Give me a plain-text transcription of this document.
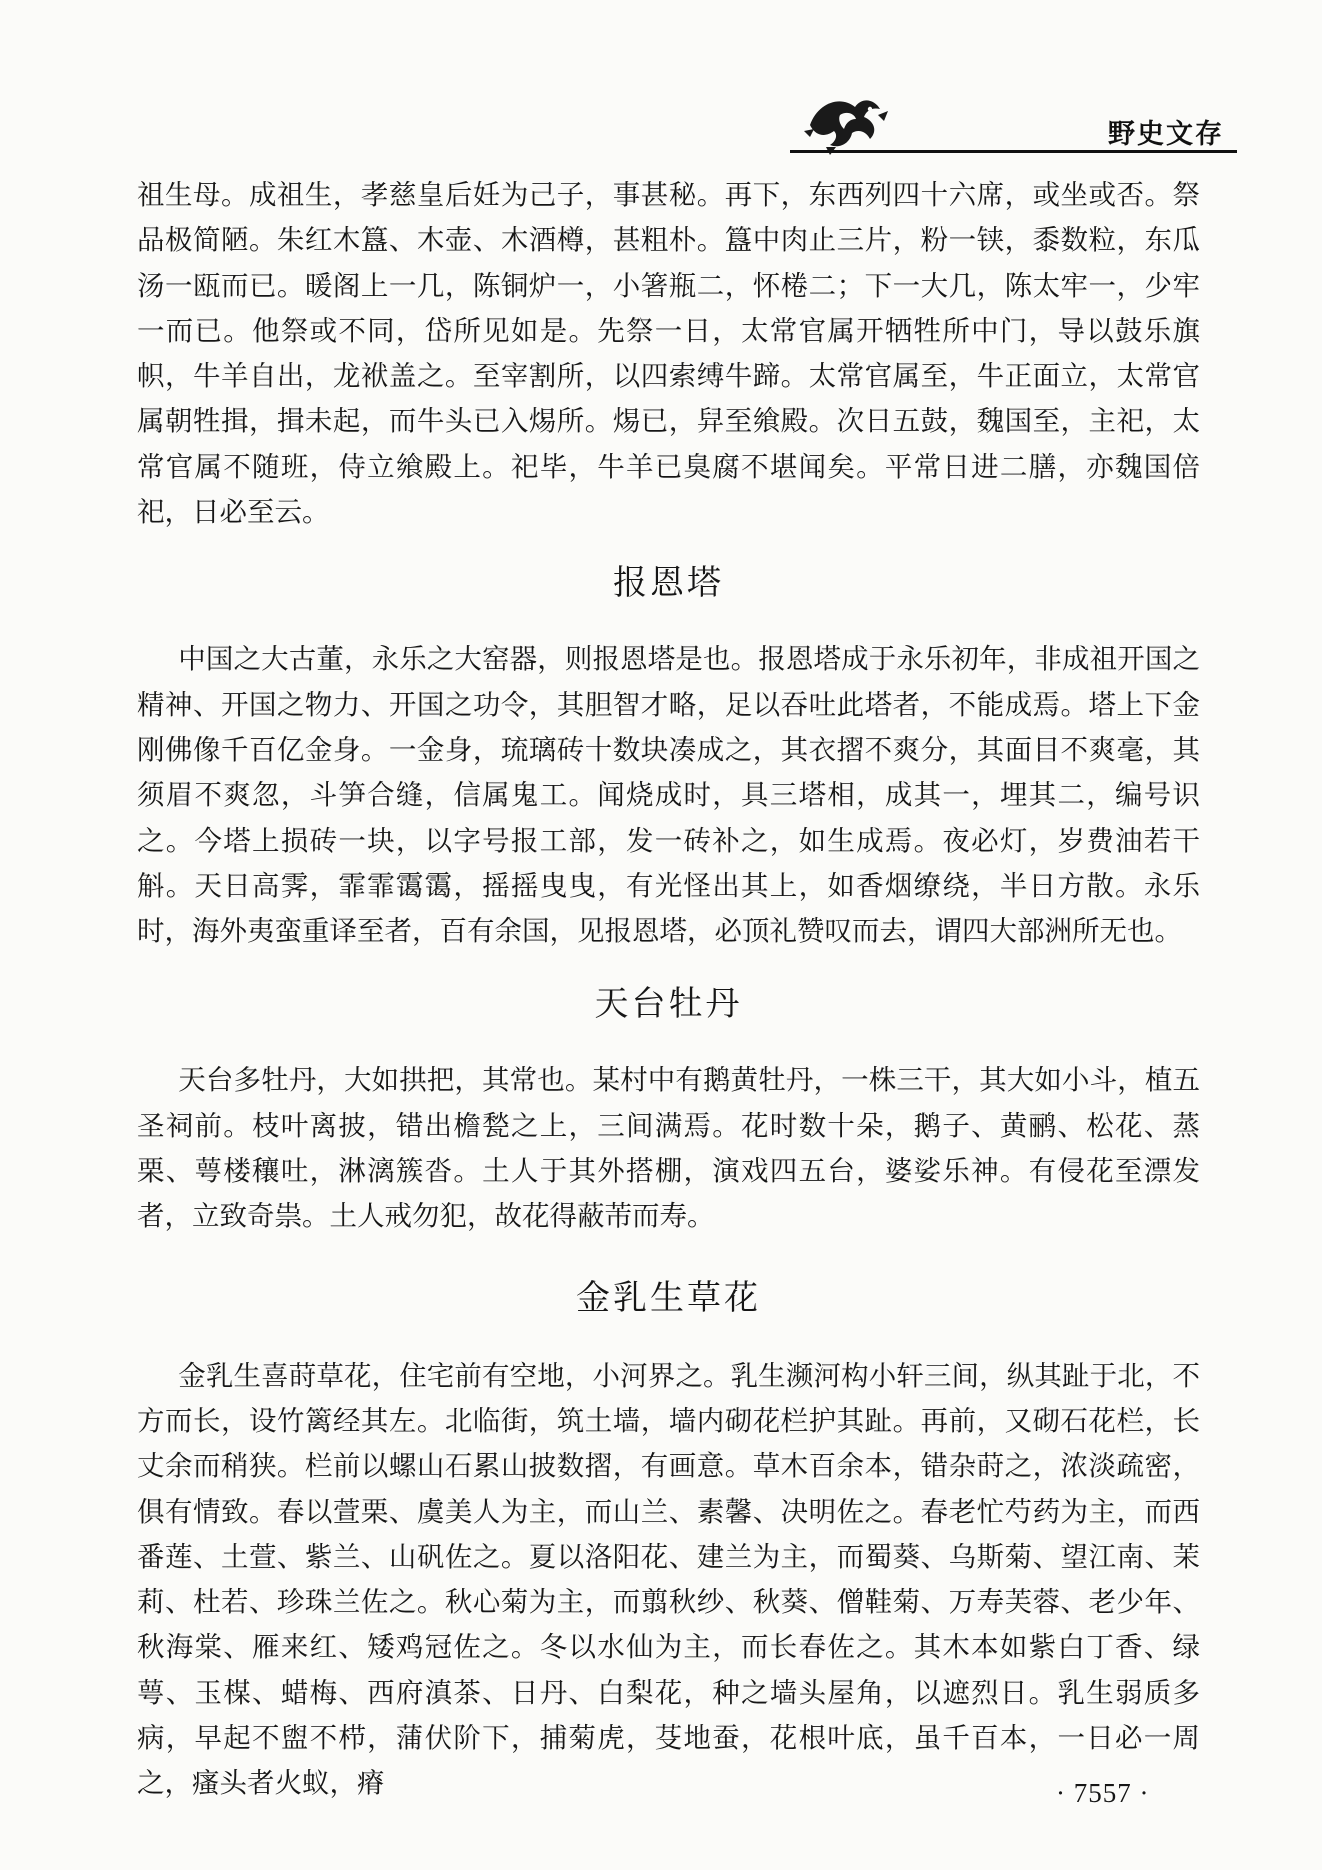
野史文存

祖生母。成祖生，孝慈皇后妊为己子，事甚秘。再下，东西列四十六席，或坐或否。祭品极简陋。朱红木簋、木壶、木酒樽，甚粗朴。簋中肉止三片，粉一铗，黍数粒，东瓜汤一瓯而已。暖阁上一几，陈铜炉一，小箸瓶二，怀棬二；下一大几，陈太牢一，少牢一而已。他祭或不同，岱所见如是。先祭一日，太常官属开牺牲所中门，导以鼓乐旗帜，牛羊自出，龙袱盖之。至宰割所，以四索缚牛蹄。太常官属至，牛正面立，太常官属朝牲揖，揖未起，而牛头已入焬所。焬已，舁至飨殿。次日五鼓，魏国至，主祀，太常官属不随班，侍立飨殿上。祀毕，牛羊已臭腐不堪闻矣。平常日进二膳，亦魏国倍祀，日必至云。

报恩塔

中国之大古董，永乐之大窑器，则报恩塔是也。报恩塔成于永乐初年，非成祖开国之精神、开国之物力、开国之功令，其胆智才略，足以吞吐此塔者，不能成焉。塔上下金刚佛像千百亿金身。一金身，琉璃砖十数块凑成之，其衣摺不爽分，其面目不爽毫，其须眉不爽忽，斗笋合缝，信属鬼工。闻烧成时，具三塔相，成其一，埋其二，编号识之。今塔上损砖一块，以字号报工部，发一砖补之，如生成焉。夜必灯，岁费油若干斛。天日高霁，霏霏霭霭，摇摇曳曳，有光怪出其上，如香烟缭绕，半日方散。永乐时，海外夷蛮重译至者，百有余国，见报恩塔，必顶礼赞叹而去，谓四大部洲所无也。

天台牡丹

天台多牡丹，大如拱把，其常也。某村中有鹅黄牡丹，一株三干，其大如小斗，植五圣祠前。枝叶离披，错出檐甃之上，三间满焉。花时数十朵，鹅子、黄鹂、松花、蒸栗、萼楼穰吐，淋漓簇沓。土人于其外搭棚，演戏四五台，婆娑乐神。有侵花至漂发者，立致奇祟。土人戒勿犯，故花得蔽芾而寿。

金乳生草花

金乳生喜莳草花，住宅前有空地，小河界之。乳生濒河构小轩三间，纵其趾于北，不方而长，设竹篱经其左。北临街，筑土墙，墙内砌花栏护其趾。再前，又砌石花栏，长丈余而稍狭。栏前以螺山石累山披数摺，有画意。草木百余本，错杂莳之，浓淡疏密，俱有情致。春以萱栗、虞美人为主，而山兰、素馨、决明佐之。春老忙芍药为主，而西番莲、土萱、紫兰、山矾佐之。夏以洛阳花、建兰为主，而蜀葵、乌斯菊、望江南、茉莉、杜若、珍珠兰佐之。秋心菊为主，而翦秋纱、秋葵、僧鞋菊、万寿芙蓉、老少年、秋海棠、雁来红、矮鸡冠佐之。冬以水仙为主，而长春佐之。其木本如紫白丁香、绿萼、玉楳、蜡梅、西府滇茶、日丹、白梨花，种之墙头屋角，以遮烈日。乳生弱质多病，早起不盥不栉，蒲伏阶下，捕菊虎，芟地蚕，花根叶底，虽千百本，一日必一周之，瘙头者火蚁，瘠	· 7557 ·
